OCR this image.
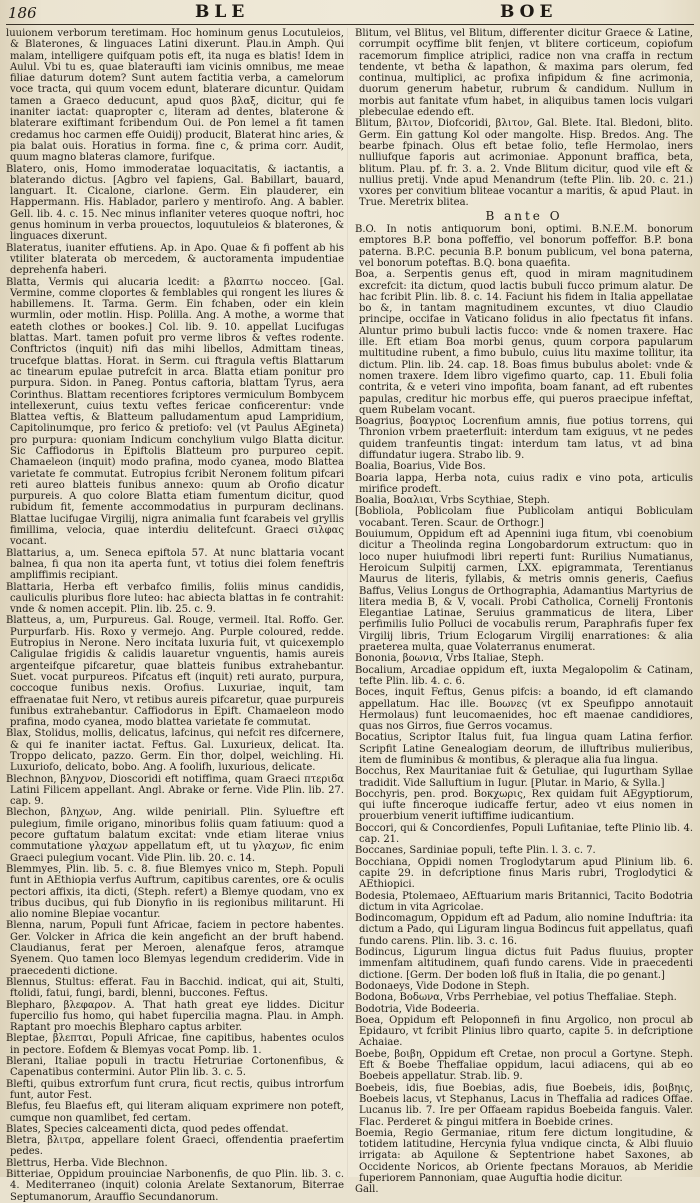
186	BLE	BOE

luuionem verborum teretimam. Hoc hominum genus Locutuleios, & Blaterones, & linguaces Latini dixerunt. Plau.in Amph. Qui malam, intelligere quifquam potis eft, ita nuga es blatis! Idem in Aulul. Vbi tu es, quae blateraufti iam vicinis omnibus, me meae filiae daturum dotem? Sunt autem factitia verba, a camelorum voce tracta, qui quum vocem edunt, blaterare dicuntur. Quidam tamen a Graeco deducunt, apud quos βλαξ, dicitur, qui fe inaniter iactat: quapropter c, literam ad dentes, blaterone & blaterare exiftimant fcribendum Oui. de Pon lemel a fit tamen credamus hoc carmen effe Ouidij) producit, Blaterat hinc aries, & pia balat ouis. Horatius in forma. fine c, & prima corr. Audit, quum magno blateras clamore, furifque.

Blatero, onis, Homo immoderatae loquacitatis, & iactantis, a blaterando dictus. [Agbro vel fapiens, Gal. Babillart, bauard, languart. It. Cicalone, ciarlone. Germ. Ein plauderer, ein Happermann. His. Hablador, parlero y mentirofo. Ang. A babler. Gell. lib. 4. c. 15. Nec minus inflaniter veteres quoque noftri, hoc genus hominum in verba prouectos, loquutuleios & blaterones, & linguaces dixerunt.

Blateratus, iuaniter effutiens. Ap. in Apo. Quae & fi poffent ab his vtiliter blaterata ob mercedem, & auctoramenta impudentiae deprehenfa haberi.

Blatta, Vermis qui alucaria lcedit: a βλαπτω nocceo. [Gal. Vermine, comme cloportes & femblables qui rongent les liures & habillemens. It. Tarma. Germ. Ein fchaben, oder ein klein wurmlin, oder motlin. Hisp. Polilla. Ang. A mothe, a worme that eateth clothes or bookes.] Col. lib. 9. 10. appellat Lucifugas blattas. Mart. tamen pofuit pro verme libros & veftes rodente. Conftrictos (inquit) nifi das mihi libellos, Admittam tineas, trucefque blattas. Horat. in Serm. cui ftragula veftis Blattarum ac tinearum epulae putrefcit in arca. Blatta etiam ponitur pro purpura. Sidon. in Paneg. Pontus caftoria, blattam Tyrus, aera Corinthus. Blattam recentiores fcriptores vermiculum Bombycem intellexerunt, cuius textu veftes fericae conficerentur: vnde Blattea veftis, & Blatteum palludamentum apud Lampridium, Capitolinumque, pro ferico & pretiofo: vel (vt Paulus AEgineta) pro purpura: quoniam Indicum conchylium vulgo Blatta dicitur. Sic Caffiodorus in Epiftolis Blatteum pro purpureo cepit. Chamaeleon (inquit) modo prafina, modo cyanea, modo Blattea varietate fe commutat. Eutropius fcribit Neronem folitum pifcari reti aureo blatteis funibus annexo: quum ab Orofio dicatur purpureis. A quo colore Blatta etiam fumentum dicitur, quod rubidum fit, femente accommodatius in purpuram declinans. Blattae lucifugae Virgilij, nigra animalia funt fcarabeis vel gryllis fimillima, velocia, quae interdiu delitefcunt. Graeci σιλφας vocant.

Blattarius, a, um. Seneca epiftola 57. At nunc blattaria vocant balnea, fi qua non ita aperta funt, vt totius diei folem feneftris ampliffimis recipiant.

Blattaria, Herba eft verbafco fimilis, foliis minus candidis, cauliculis pluribus flore luteo: hac abiecta blattas in fe contrahit: vnde & nomen accepit. Plin. lib. 25. c. 9.

Blatteus, a, um, Purpureus. Gal. Rouge, vermeil. Ital. Roffo. Ger. Purpurfarb. His. Roxo y vermejo. Ang. Purple coloured, redde. Eutropius in Nerone. Nero incitata luxuria fuit, vt quicexemplo Caligulae frigidis & calidis lauaretur vnguentis, hamis aureis argenteifque pifcaretur, quae blatteis funibus extrahebantur. Suet. vocat purpureos. Pifcatus eft (inquit) reti aurato, purpura, coccoque funibus nexis. Orofius. Luxuriae, inquit, tam effraenatae fuit Nero, vt retibus aureis pifcaretur, quae purpureis funibus extrahebantur. Caffiodorus in Epift. Chamaeleon modo prafina, modo cyanea, modo blattea varietate fe commutat.

Blax, Stolidus, mollis, delicatus, lafcinus, qui nefcit res difcernere, & qui fe inaniter iactat. Feftus. Gal. Luxurieux, delicat. Ita. Troppo delicato, pazzo. Germ. Ein thor, dolpel, weichling. Hi. Luxuriofo, delicato, bobo. Ang. A foolifh, luxurious, delicate.

Blechnon, βληχνον, Dioscoridi eft notiffima, quam Graeci πτεριδα Latini Filicem appellant. Angl. Abrake or ferne. Vide Plin. lib. 27. cap. 9.

Blechon, βληχων, Ang. wilde peniriall. Plin. Sylueftre eft pulegium, fimile origano, minoribus foliis quam fatiuum: quod a pecore guftatum balatum excitat: vnde etiam literae vnius commutatione γλαχων appellatum eft, ut tu γλαχων, fic enim Graeci pulegium vocant. Vide Plin. lib. 20. c. 14.

Blemmyes, Plin. lib. 5. c. 8. fiue Blemyes vnico m, Steph. Populi funt in AEthiopia verfus Auftrum, capitibus carentes, ore & oculis pectori affixis, ita dicti, (Steph. refert) a Blemye quodam, vno ex tribus ducibus, qui fub Dionyfio in iis regionibus militarunt. Hi alio nomine Blepiae vocantur.

Blenna, narum, Populi funt Africae, faciem in pectore habentes. Ger. Volcker in Africa die kein angeficht an der bruft habend. Claudianus, ferat per Meroen, alenafque feros, atramque Syenem. Quo tamen loco Blemyas legendum crediderim. Vide in praecedenti dictione.

Blennus, Stultus: efferat. Fau in Bacchid. indicat, qui ait, Stulti, ftolidi, fatui, fungi, bardi, blenni, buccones. Feftus.

Blepharo, βλεφαρον. A. That hath great eye liddes. Dicitur fupercilio fus homo, qui habet fupercilia magna. Plau. in Amph. Raptant pro moechis Blepharo captus arbiter.

Bleptae, βλεπται, Populi Africae, fine capitibus, habentes oculos in pectore. Eofdem & Blemyas vocat Pomp. lib. 1.

Blerani, Italiae populi in tractu Hetruriae Cortonenfibus, & Capenatibus contermini. Autor Plin lib. 3. c. 5.

Blefti, quibus extrorfum funt crura, ficut rectis, quibus introrfum funt, autor Fest.

Blefus, feu Blaefus eft, qui literam aliquam exprimere non poteft, cumque non quamlibet, fed certam.

Blates, Species calceamenti dicta, quod pedes offendat.

Bletra, βλιτρα, appellare folent Graeci, offendentia praefertim pedes.

Blettrus, Herba. Vide Blechnon.

Bitteriae, Oppidum prouinciae Narbonenfis, de quo Plin. lib. 3. c. 4. Mediterraneo (inquit) colonia Arelate Sextanorum, Biterrae Septumanorum, Arauffio Secundanorum.

Blitum, vel Blitus, vel Blitum, differenter dicitur Graece & Latine, corrumpit ocyffime blit fenjen, vt blitere corticeum, copiofum racemorum fimplice atriplici, radice non vna craffa in rectum tendente, vt betha & lapathon, & maxima pars olerum, fed continua, multiplici, ac profixa infipidum & fine acrimonia, duorum generum habetur, rubrum & candidum. Nullum in morbis aut fanitate vfum habet, in aliquibus tamen locis vulgari plebeculae edendo eft.

Blitum, βλιτον, Diofcoridi, βλιτον, Gal. Blete. Ital. Bledoni, blito. Germ. Ein gattung Kol oder mangolte. Hisp. Bredos. Ang. The bearbe fpinach. Olus eft betae folio, tefle Hermolao, iners nulliufque faporis aut acrimoniae. Apponunt braffica, beta, blitum. Plau. pf. fr. 3. a. 2. Vnde Blitum dicitur, quod vile eft & nullius pretij. Vnde apud Menandrum (tefte Plin. lib. 20. c. 21.) vxores per convitium bliteae vocantur a maritis, & apud Plaut. in True. Meretrix blitea.

B ante O

B.O. In notis antiquorum boni, optimi. B.N.E.M. bonorum emptores B.P. bona poffeffio, vel bonorum poffeffor. B.P. bona paterna. B.P.C. pecunia B.P. bonum publicum, vel bona paterna, vel bonorum poteftas. B.Q. bona quaefita.

Boa, a. Serpentis genus eft, quod in miram magnitudinem excrefcit: ita dictum, quod lactis bubuli fucco primum alatur. De hac fcribit Plin. lib. 8. c. 14. Faciunt his fidem in Italia appellatae bo &, in tantam magnitudinem excuntes, vt diuo Claudio principe, occifae in Vaticano folidus in alio fpectatus fit infans. Aluntur primo bubuli lactis fucco: vnde & nomen traxere. Hac ille. Eft etiam Boa morbi genus, quum corpora papularum multitudine rubent, a fimo bubulo, cuius litu maxime tollitur, ita dictum. Plin. lib. 24. cap. 18. Boas fimus bubulus abolet: vnde & nomen traxere. Idem libro vigefimo quarto, cap. 11. Ebuli folia contrita, & e veteri vino impofita, boam fanant, ad eft rubentes papulas, creditur hic morbus effe, qui pueros praecipue infeftat, quem Rubelam vocant.

Boagrius, βοαγριος Locrenfium amnis, fiue potius torrens, qui Thronion vrbem praeterfluit: interdum tam exiguus, vt ne pedes quidem tranfeuntis tingat: interdum tam latus, vt ad bina diffundatur iugera. Strabo lib. 9.

Boalia, Boarius, Vide Bos.

Boaria lappa, Herba nota, cuius radix e vino pota, articulis mirifice prodeft.

Boalia, Βοαλιαι, Vrbs Scythiae, Steph.

[Bobliola, Poblicolam fiue Publicolam antiqui Bobliculam vocabant. Teren. Scaur. de Orthogr.]

Bouiumum, Oppidum eft ad Apennini iuga fitum, vbi coenobium dicitur a Theolinda regina Longobardorum extructum: quo in loco nuper huiufmodi libri reperti funt: Rurilius Numatianus, Heroicum Sulpitij carmen, LXX. epigrammata, Terentianus Maurus de literis, fyllabis, & metris omnis generis, Caefius Baffus, Velius Longus de Orthographia, Adamantius Martyrius de litera media B, & V, vocali. Probi Catholica, Cornelij Frontonis Elegantiae Latinae, Seruius grammaticus de litera, Liber perfimilis Iulio Polluci de vocabulis rerum, Paraphrafis fuper fex Virgilij libris, Trium Eclogarum Virgilij enarrationes: & alia praeterea multa, quae Volaterranus enumerat.

Bononia, βοωνια, Vrbs Italiae, Steph.

Bocalium, Arcadiae oppidum eft, iuxta Megalopolim & Catinam, tefte Plin. lib. 4. c. 6.

Boces, inquit Feftus, Genus pifcis: a boando, id eft clamando appellatum. Hac ille. Βοωνες (vt ex Speufippo annotauit Hermolaus) funt leucomaenides, hoc eft maenae candidiores, quas nos Girros, fiue Gerros vocamus.

Bocatius, Scriptor Italus fuit, fua lingua quam Latina ferfior. Scripfit Latine Genealogiam deorum, de illuftribus mulieribus, item de fluminibus & montibus, & pleraque alia fua lingua.

Bocchus, Rex Mauritaniae fuit & Getuliae, qui Iugurtham Syllae tradidit. Vide Salluftium in Iugur. [Plutar. in Mario, & Sylla.]

Bocchyris, pen. prod. Βοκχωρις, Rex quidam fuit AEgyptiorum, qui iufte finceroque iudicaffe fertur, adeo vt eius nomen in prouerbium venerit iuftiffime iudicantium.

Boccori, qui & Concordienfes, Populi Lufitaniae, tefte Plinio lib. 4. cap. 21.

Boccanes, Sardiniae populi, tefte Plin. l. 3. c. 7.

Bocchiana, Oppidi nomen Troglodytarum apud Plinium lib. 6. capite 29. in defcriptione finus Maris rubri, Troglodytici & AEthiopici.

Bodesia, Ptolemaeo, AEftuarium maris Britannici, Tacito Bodotria dictum in vita Agricolae.

Bodincomagum, Oppidum eft ad Padum, alio nomine Induftria: ita dictum a Pado, qui Liguram lingua Bodincus fuit appellatus, quafi fundo carens. Plin. lib. 3. c. 16.

Bodincus, Ligurum lingua dictus fuit Padus fluuius, propter immenfam altitudinem, quafi fundo carens. Vide in praecedenti dictione. [Germ. Der boden loß fluß in Italia, die po genant.]

Bodonaeys, Vide Dodone in Steph.

Bodona, Βοδωνα, Vrbs Perrhebiae, vel potius Theffaliae. Steph.

Bodotria, Vide Bodeeria.

Boea, Oppidum eft Peloponnefi in finu Argolico, non procul ab Epidauro, vt fcribit Plinius libro quarto, capite 5. in defcriptione Achaiae.

Boebe, βοιβη, Oppidum eft Cretae, non procul a Gortyne. Steph. Eft & Boebe Theffaliae oppidum, lacui adiacens, qui ab eo Boebeis appellatur. Strab. lib. 9.

Boebeis, idis, fiue Boebias, adis, fiue Boebeis, idis, βοιβηις, Boebeis lacus, vt Stephanus, Lacus in Theffalia ad radices Offae. Lucanus lib. 7. Ire per Offaeam rapidus Boebeida fanguis. Valer. Flac. Perderet & pingui mitfera in Boebide crines.

Boemia, Regio Germaniae, ritum fere dictum longitudine, & totidem latitudine, Hercynia fylua vndique cincta, & Albi fluuio irrigata: ab Aquilone & Septentrione habet Saxones, ab Occidente Noricos, ab Oriente fpectans Morauos, ab Meridie fuperiorem Pannoniam, quae Auguftia hodie dicitur.

Gall.
